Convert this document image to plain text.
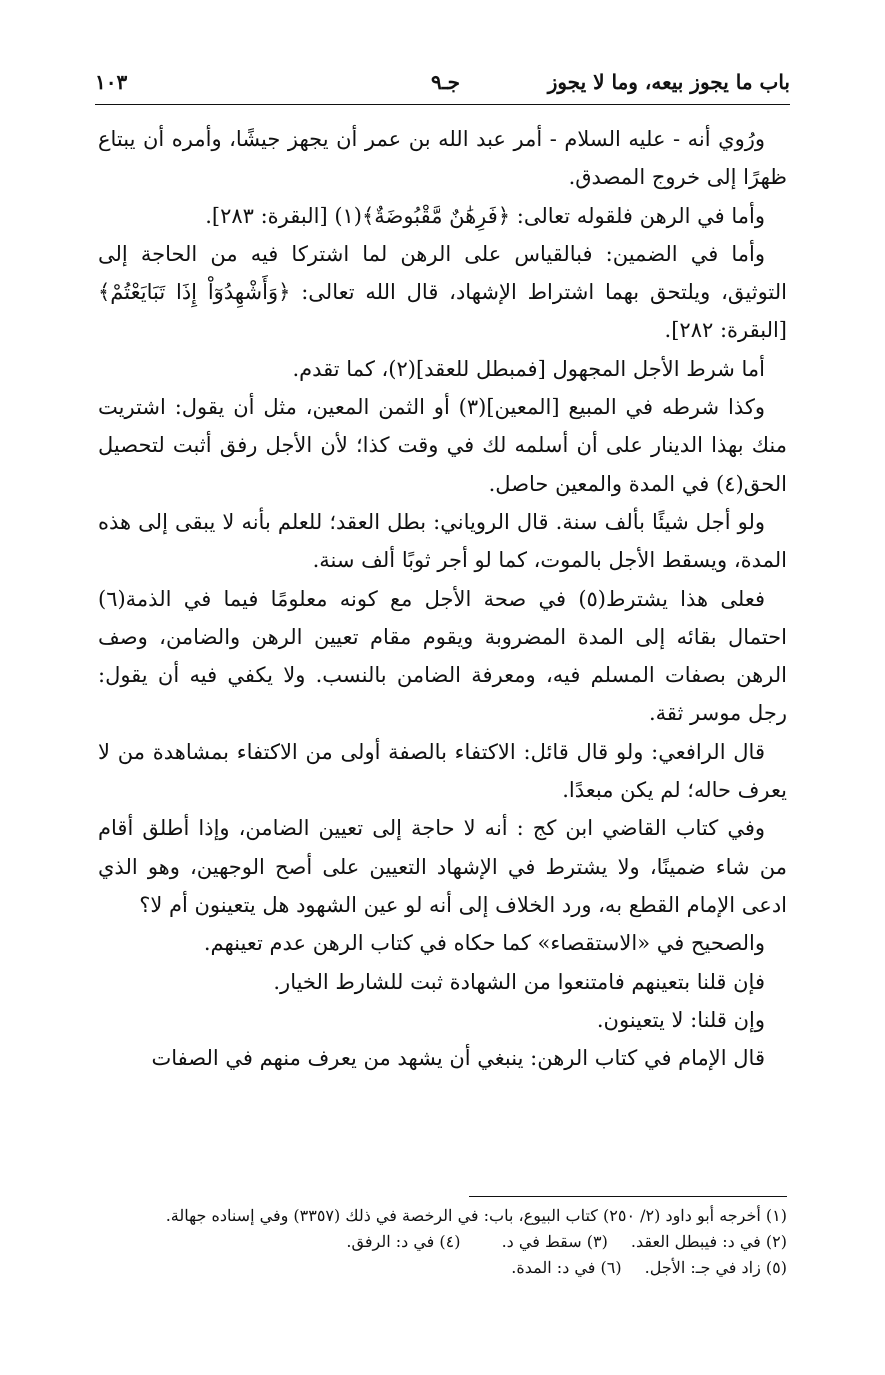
باب ما يجوز بيعه، وما لا يجوز
جـ٩
١٠٣

ورُوي أنه - عليه السلام - أمر عبد الله بن عمر أن يجهز جيشًا، وأمره أن يبتاع ظهرًا إلى خروج المصدق.

وأما في الرهن فلقوله تعالى: ﴿فَرِهَٰنٌ مَّقْبُوضَةٌ﴾(١) [البقرة: ٢٨٣].

وأما في الضمين: فبالقياس على الرهن لما اشتركا فيه من الحاجة إلى التوثيق، ويلتحق بهما اشتراط الإشهاد، قال الله تعالى: ﴿وَأَشْهِدُوٓاْ إِذَا تَبَايَعْتُمْ﴾ [البقرة: ٢٨٢].

أما شرط الأجل المجهول [فمبطل للعقد](٢)، كما تقدم.

وكذا شرطه في المبيع [المعين](٣) أو الثمن المعين، مثل أن يقول: اشتريت منك بهذا الدينار على أن أسلمه لك في وقت كذا؛ لأن الأجل رفق أثبت لتحصيل الحق(٤) في المدة والمعين حاصل.

ولو أجل شيئًا بألف سنة. قال الروياني: بطل العقد؛ للعلم بأنه لا يبقى إلى هذه المدة، ويسقط الأجل بالموت، كما لو أجر ثوبًا ألف سنة.

فعلى هذا يشترط(٥) في صحة الأجل مع كونه معلومًا فيما في الذمة(٦) احتمال بقائه إلى المدة المضروبة ويقوم مقام تعيين الرهن والضامن، وصف الرهن بصفات المسلم فيه، ومعرفة الضامن بالنسب. ولا يكفي فيه أن يقول: رجل موسر ثقة.

قال الرافعي: ولو قال قائل: الاكتفاء بالصفة أولى من الاكتفاء بمشاهدة من لا يعرف حاله؛ لم يكن مبعدًا.

وفي كتاب القاضي ابن كج : أنه لا حاجة إلى تعيين الضامن، وإذا أطلق أقام من شاء ضمينًا، ولا يشترط في الإشهاد التعيين على أصح الوجهين، وهو الذي ادعى الإمام القطع به، ورد الخلاف إلى أنه لو عين الشهود هل يتعينون أم لا؟

والصحيح في «الاستقصاء» كما حكاه في كتاب الرهن عدم تعينهم.

فإن قلنا بتعينهم فامتنعوا من الشهادة ثبت للشارط الخيار.

وإن قلنا: لا يتعينون.

قال الإمام في كتاب الرهن: ينبغي أن يشهد من يعرف منهم في الصفات

(١) أخرجه أبو داود (٢/ ٢٥٠) كتاب البيوع، باب: في الرخصة في ذلك (٣٣٥٧) وفي إسناده جهالة.
(٢) في د: فيبطل العقد. (٣) سقط في د. (٤) في د: الرفق.
(٥) زاد في جـ: الأجل. (٦) في د: المدة.
